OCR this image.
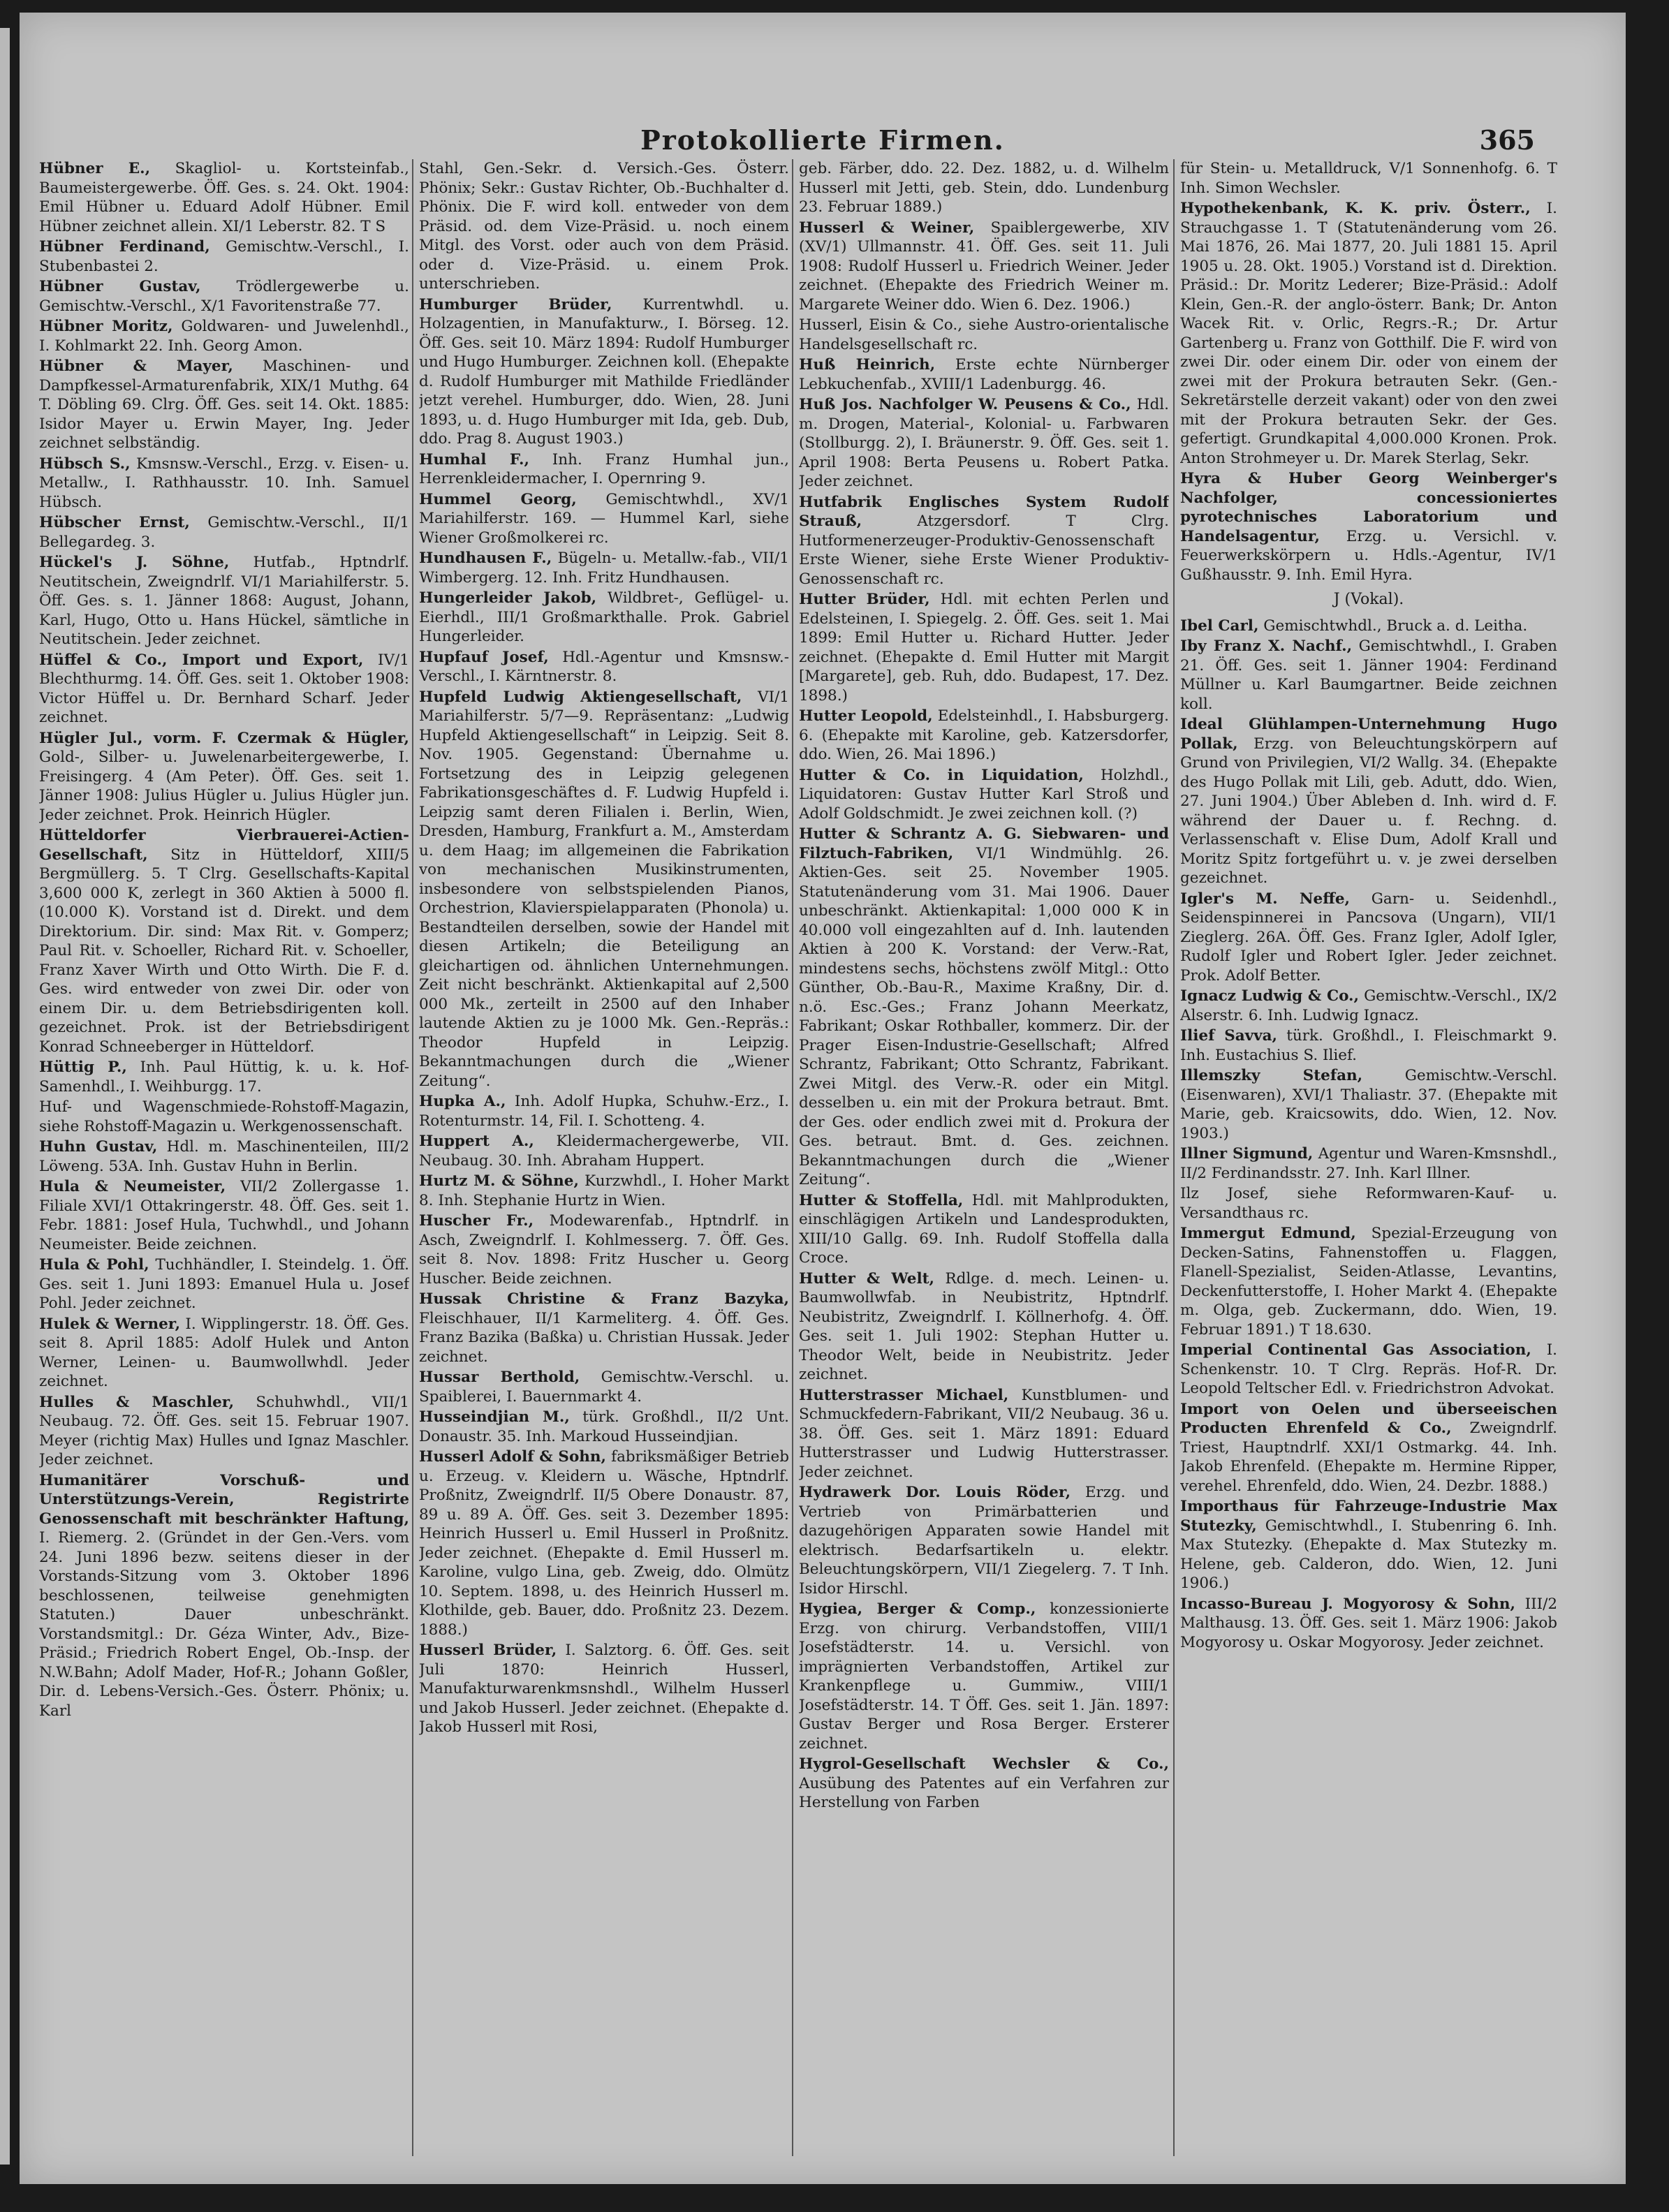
Protokollierte Firmen.	365
Hübner E., Skagliol- u. Kortsteinfab., Baumeistergewerbe. Öff. Ges. s. 24. Okt. 1904: Emil Hübner u. Eduard Adolf Hübner. Emil Hübner zeichnet allein. XI/1 Leberstr. 82. T S
Hübner Ferdinand, Gemischtw.-Verschl., I. Stubenbastei 2.
Hübner Gustav, Trödlergewerbe u. Gemischtw.-Verschl., X/1 Favoritenstraße 77.
Hübner Moritz, Goldwaren- und Juwelenhdl., I. Kohlmarkt 22. Inh. Georg Amon.
Hübner & Mayer, Maschinen- und Dampfkessel-Armaturenfabrik, XIX/1 Muthg. 64 T. Döbling 69. Clrg. Öff. Ges. seit 14. Okt. 1885: Isidor Mayer u. Erwin Mayer, Ing. Jeder zeichnet selbständig.
Hübsch S., Kmsnsw.-Verschl., Erzg. v. Eisen- u. Metallw., I. Rathhausstr. 10. Inh. Samuel Hübsch.
Hübscher Ernst, Gemischtw.-Verschl., II/1 Bellegardeg. 3.
Hückel's J. Söhne, Hutfab., Hptndrlf. Neutitschein, Zweigndrlf. VI/1 Mariahilferstr. 5. Öff. Ges. s. 1. Jänner 1868: August, Johann, Karl, Hugo, Otto u. Hans Hückel, sämtliche in Neutitschein. Jeder zeichnet.
Hüffel & Co., Import und Export, IV/1 Blechthurmg. 14. Öff. Ges. seit 1. Oktober 1908: Victor Hüffel u. Dr. Bernhard Scharf. Jeder zeichnet.
Hügler Jul., vorm. F. Czermak & Hügler, Gold-, Silber- u. Juwelenarbeitergewerbe, I. Freisingerg. 4 (Am Peter). Öff. Ges. seit 1. Jänner 1908: Julius Hügler u. Julius Hügler jun. Jeder zeichnet. Prok. Heinrich Hügler.
Hütteldorfer Vierbrauerei-Actien-Gesellschaft, Sitz in Hütteldorf, XIII/5 Bergmüllerg. 5. T Clrg. Gesellschafts-Kapital 3,600 000 K, zerlegt in 360 Aktien à 5000 fl. (10.000 K). Vorstand ist d. Direkt. und dem Direktorium. Dir. sind: Max Rit. v. Gomperz; Paul Rit. v. Schoeller, Richard Rit. v. Schoeller, Franz Xaver Wirth und Otto Wirth. Die F. d. Ges. wird entweder von zwei Dir. oder von einem Dir. u. dem Betriebsdirigenten koll. gezeichnet. Prok. ist der Betriebsdirigent Konrad Schneeberger in Hütteldorf.
Hüttig P., Inh. Paul Hüttig, k. u. k. Hof-Samenhdl., I. Weihburgg. 17.
Huf- und Wagenschmiede-Rohstoff-Magazin, siehe Rohstoff-Magazin u. Werkgenossenschaft.
Huhn Gustav, Hdl. m. Maschinenteilen, III/2 Löweng. 53A. Inh. Gustav Huhn in Berlin.
Hula & Neumeister, VII/2 Zollergasse 1. Filiale XVI/1 Ottakringerstr. 48. Öff. Ges. seit 1. Febr. 1881: Josef Hula, Tuchwhdl., und Johann Neumeister. Beide zeichnen.
Hula & Pohl, Tuchhändler, I. Steindelg. 1. Öff. Ges. seit 1. Juni 1893: Emanuel Hula u. Josef Pohl. Jeder zeichnet.
Hulek & Werner, I. Wipplingerstr. 18. Öff. Ges. seit 8. April 1885: Adolf Hulek und Anton Werner, Leinen- u. Baumwollwhdl. Jeder zeichnet.
Hulles & Maschler, Schuhwhdl., VII/1 Neubaug. 72. Öff. Ges. seit 15. Februar 1907. Meyer (richtig Max) Hulles und Ignaz Maschler. Jeder zeichnet.
Humanitärer Vorschuß- und Unterstützungs-Verein, Registrirte Genossenschaft mit beschränkter Haftung, I. Riemerg. 2. (Gründet in der Gen.-Vers. vom 24. Juni 1896 bezw. seitens dieser in der Vorstands-Sitzung vom 3. Oktober 1896 beschlossenen, teilweise genehmigten Statuten.) Dauer unbeschränkt. Vorstandsmitgl.: Dr. Géza Winter, Adv., Bize-Präsid.; Friedrich Robert Engel, Ob.-Insp. der N.W.Bahn; Adolf Mader, Hof-R.; Johann Goßler, Dir. d. Lebens-Versich.-Ges. Österr. Phönix; u. Karl
Stahl, Gen.-Sekr. d. Versich.-Ges. Österr. Phönix; Sekr.: Gustav Richter, Ob.-Buchhalter d. Phönix. Die F. wird koll. entweder von dem Präsid. od. dem Vize-Präsid. u. noch einem Mitgl. des Vorst. oder auch von dem Präsid. oder d. Vize-Präsid. u. einem Prok. unterschrieben.
Humburger Brüder, Kurrentwhdl. u. Holzagentien, in Manufakturw., I. Börseg. 12. Öff. Ges. seit 10. März 1894: Rudolf Humburger und Hugo Humburger. Zeichnen koll. (Ehepakte d. Rudolf Humburger mit Mathilde Friedländer jetzt verehel. Humburger, ddo. Wien, 28. Juni 1893, u. d. Hugo Humburger mit Ida, geb. Dub, ddo. Prag 8. August 1903.)
Humhal F., Inh. Franz Humhal jun., Herrenkleidermacher, I. Opernring 9.
Hummel Georg, Gemischtwhdl., XV/1 Mariahilferstr. 169. — Hummel Karl, siehe Wiener Großmolkerei rc.
Hundhausen F., Bügeln- u. Metallw.-fab., VII/1 Wimbergerg. 12. Inh. Fritz Hundhausen.
Hungerleider Jakob, Wildbret-, Geflügel- u. Eierhdl., III/1 Großmarkthalle. Prok. Gabriel Hungerleider.
Hupfauf Josef, Hdl.-Agentur und Kmsnsw.-Verschl., I. Kärntnerstr. 8.
Hupfeld Ludwig Aktiengesellschaft, VI/1 Mariahilferstr. 5/7—9. Repräsentanz: „Ludwig Hupfeld Aktiengesellschaft“ in Leipzig. Seit 8. Nov. 1905. Gegenstand: Übernahme u. Fortsetzung des in Leipzig gelegenen Fabrikationsgeschäftes d. F. Ludwig Hupfeld i. Leipzig samt deren Filialen i. Berlin, Wien, Dresden, Hamburg, Frankfurt a. M., Amsterdam u. dem Haag; im allgemeinen die Fabrikation von mechanischen Musikinstrumenten, insbesondere von selbstspielenden Pianos, Orchestrion, Klavierspielapparaten (Phonola) u. Bestandteilen derselben, sowie der Handel mit diesen Artikeln; die Beteiligung an gleichartigen od. ähnlichen Unternehmungen. Zeit nicht beschränkt. Aktienkapital auf 2,500 000 Mk., zerteilt in 2500 auf den Inhaber lautende Aktien zu je 1000 Mk. Gen.-Repräs.: Theodor Hupfeld in Leipzig. Bekanntmachungen durch die „Wiener Zeitung“.
Hupka A., Inh. Adolf Hupka, Schuhw.-Erz., I. Rotenturmstr. 14, Fil. I. Schotteng. 4.
Huppert A., Kleidermachergewerbe, VII. Neubaug. 30. Inh. Abraham Huppert.
Hurtz M. & Söhne, Kurzwhdl., I. Hoher Markt 8. Inh. Stephanie Hurtz in Wien.
Huscher Fr., Modewarenfab., Hptndrlf. in Asch, Zweigndrlf. I. Kohlmesserg. 7. Öff. Ges. seit 8. Nov. 1898: Fritz Huscher u. Georg Huscher. Beide zeichnen.
Hussak Christine & Franz Bazyka, Fleischhauer, II/1 Karmeliterg. 4. Öff. Ges. Franz Bazika (Baßka) u. Christian Hussak. Jeder zeichnet.
Hussar Berthold, Gemischtw.-Verschl. u. Spaiblerei, I. Bauernmarkt 4.
Husseindjian M., türk. Großhdl., II/2 Unt. Donaustr. 35. Inh. Markoud Husseindjian.
Husserl Adolf & Sohn, fabriksmäßiger Betrieb u. Erzeug. v. Kleidern u. Wäsche, Hptndrlf. Proßnitz, Zweigndrlf. II/5 Obere Donaustr. 87, 89 u. 89 A. Öff. Ges. seit 3. Dezember 1895: Heinrich Husserl u. Emil Husserl in Proßnitz. Jeder zeichnet. (Ehepakte d. Emil Husserl m. Karoline, vulgo Lina, geb. Zweig, ddo. Olmütz 10. Septem. 1898, u. des Heinrich Husserl m. Klothilde, geb. Bauer, ddo. Proßnitz 23. Dezem. 1888.)
Husserl Brüder, I. Salztorg. 6. Öff. Ges. seit Juli 1870: Heinrich Husserl, Manufakturwarenkmsnshdl., Wilhelm Husserl und Jakob Husserl. Jeder zeichnet. (Ehepakte d. Jakob Husserl mit Rosi,
geb. Färber, ddo. 22. Dez. 1882, u. d. Wilhelm Husserl mit Jetti, geb. Stein, ddo. Lundenburg 23. Februar 1889.)
Husserl & Weiner, Spaiblergewerbe, XIV (XV/1) Ullmannstr. 41. Öff. Ges. seit 11. Juli 1908: Rudolf Husserl u. Friedrich Weiner. Jeder zeichnet. (Ehepakte des Friedrich Weiner m. Margarete Weiner ddo. Wien 6. Dez. 1906.)
Husserl, Eisin & Co., siehe Austro-orientalische Handelsgesellschaft rc.
Huß Heinrich, Erste echte Nürnberger Lebkuchenfab., XVIII/1 Ladenburgg. 46.
Huß Jos. Nachfolger W. Peusens & Co., Hdl. m. Drogen, Material-, Kolonial- u. Farbwaren (Stollburgg. 2), I. Bräunerstr. 9. Öff. Ges. seit 1. April 1908: Berta Peusens u. Robert Patka. Jeder zeichnet.
Hutfabrik Englisches System Rudolf Strauß,	Atzgersdorf. T Clrg. Hutformenerzeuger-Produktiv-Genossenschaft Erste Wiener, siehe Erste Wiener Produktiv-Genossenschaft rc.
Hutter Brüder, Hdl. mit echten Perlen und Edelsteinen, I. Spiegelg. 2. Öff. Ges. seit 1. Mai 1899: Emil Hutter u. Richard Hutter. Jeder zeichnet. (Ehepakte d. Emil Hutter mit Margit [Margarete], geb. Ruh, ddo. Budapest, 17. Dez. 1898.)
Hutter Leopold, Edelsteinhdl., I. Habsburgerg. 6. (Ehepakte mit Karoline, geb. Katzersdorfer, ddo. Wien, 26. Mai 1896.)
Hutter & Co. in Liquidation, Holzhdl., Liquidatoren: Gustav Hutter Karl Stroß und Adolf Goldschmidt. Je zwei zeichnen koll. (?)
Hutter & Schrantz A. G. Siebwaren- und Filztuch-Fabriken, VI/1 Windmühlg. 26. Aktien-Ges. seit 25. November 1905. Statutenänderung vom 31. Mai 1906. Dauer unbeschränkt. Aktienkapital: 1,000 000 K in 40.000 voll eingezahlten auf d. Inh. lautenden Aktien à 200 K. Vorstand: der Verw.-Rat, mindestens sechs, höchstens zwölf Mitgl.: Otto Günther, Ob.-Bau-R., Maxime Kraßny, Dir. d. n.ö. Esc.-Ges.; Franz Johann Meerkatz, Fabrikant; Oskar Rothballer, kommerz. Dir. der Prager Eisen-Industrie-Gesellschaft; Alfred Schrantz, Fabrikant; Otto Schrantz, Fabrikant. Zwei Mitgl. des Verw.-R. oder ein Mitgl. desselben u. ein mit der Prokura betraut. Bmt. der Ges. oder endlich zwei mit d. Prokura der Ges. betraut. Bmt. d. Ges. zeichnen. Bekanntmachungen durch die „Wiener Zeitung“.
Hutter & Stoffella, Hdl. mit Mahlprodukten, einschlägigen Artikeln und Landesprodukten, XIII/10 Gallg. 69. Inh. Rudolf Stoffella dalla Croce.
Hutter & Welt, Rdlge. d. mech. Leinen- u. Baumwollwfab. in Neubistritz, Hptndrlf. Neubistritz, Zweigndrlf. I. Köllnerhofg. 4. Öff. Ges. seit 1. Juli 1902: Stephan Hutter u. Theodor Welt, beide in Neubistritz. Jeder zeichnet.
Hutterstrasser Michael, Kunstblumen- und Schmuckfedern-Fabrikant, VII/2 Neubaug. 36 u. 38. Öff. Ges. seit 1. März 1891: Eduard Hutterstrasser und Ludwig Hutterstrasser. Jeder zeichnet.
Hydrawerk Dor. Louis Röder, Erzg. und Vertrieb von Primärbatterien und dazugehörigen Apparaten sowie Handel mit elektrisch. Bedarfsartikeln u. elektr. Beleuchtungskörpern, VII/1 Ziegelerg. 7. T Inh. Isidor Hirschl.
Hygiea, Berger & Comp., konzessionierte Erzg. von chirurg. Verbandstoffen, VIII/1 Josefstädterstr. 14. u. Versichl. von imprägnierten Verbandstoffen, Artikel zur Krankenpflege u. Gummiw., VIII/1 Josefstädterstr. 14. T Öff. Ges. seit 1. Jän. 1897: Gustav Berger und Rosa Berger. Ersterer zeichnet.
Hygrol-Gesellschaft Wechsler & Co., Ausübung des Patentes auf ein Verfahren zur Herstellung von Farben
für Stein- u. Metalldruck, V/1 Sonnenhofg. 6. T Inh. Simon Wechsler.
Hypothekenbank, K. K. priv. Österr., I. Strauchgasse 1. T (Statutenänderung vom 26. Mai 1876, 26. Mai 1877, 20. Juli 1881 15. April 1905 u. 28. Okt. 1905.) Vorstand ist d. Direktion. Präsid.: Dr. Moritz Lederer; Bize-Präsid.: Adolf Klein, Gen.-R. der anglo-österr. Bank; Dr. Anton Wacek Rit. v. Orlic, Regrs.-R.; Dr. Artur Gartenberg u. Franz von Gotthilf. Die F. wird von zwei Dir. oder einem Dir. oder von einem der zwei mit der Prokura betrauten Sekr. (Gen.-Sekretärstelle derzeit vakant) oder von den zwei mit der Prokura betrauten Sekr. der Ges. gefertigt. Grundkapital 4,000.000 Kronen. Prok. Anton Strohmeyer u. Dr. Marek Sterlag, Sekr.
Hyra & Huber Georg Weinberger's Nachfolger, concessioniertes pyrotechnisches Laboratorium und Handelsagentur, Erzg. u. Versichl. v. Feuerwerkskörpern u. Hdls.-Agentur, IV/1 Gußhausstr. 9. Inh. Emil Hyra.
J (Vokal).
Ibel Carl, Gemischtwhdl., Bruck a. d. Leitha.
Iby Franz X. Nachf., Gemischtwhdl., I. Graben 21. Öff. Ges. seit 1. Jänner 1904: Ferdinand Müllner u. Karl Baumgartner. Beide zeichnen koll.
Ideal Glühlampen-Unternehmung Hugo Pollak, Erzg. von Beleuchtungskörpern auf Grund von Privilegien, VI/2 Wallg. 34. (Ehepakte des Hugo Pollak mit Lili, geb. Adutt, ddo. Wien, 27. Juni 1904.) Über Ableben d. Inh. wird d. F. während der Dauer u. f. Rechng. d. Verlassenschaft v. Elise Dum, Adolf Krall und Moritz Spitz fortgeführt u. v. je zwei derselben gezeichnet.
Igler's M. Neffe, Garn- u. Seidenhdl., Seidenspinnerei in Pancsova (Ungarn), VII/1 Zieglerg. 26A. Öff. Ges. Franz Igler, Adolf Igler, Rudolf Igler und Robert Igler. Jeder zeichnet. Prok. Adolf Better.
Ignacz Ludwig & Co., Gemischtw.-Verschl., IX/2 Alserstr. 6. Inh. Ludwig Ignacz.
Ilief Savva, türk. Großhdl., I. Fleischmarkt 9. Inh. Eustachius S. Ilief.
Illemszky Stefan,	Gemischtw.-Verschl. (Eisenwaren), XVI/1 Thaliastr. 37. (Ehepakte mit Marie, geb. Kraicsowits, ddo. Wien, 12. Nov. 1903.)
Illner Sigmund, Agentur und Waren-Kmsnshdl., II/2 Ferdinandsstr. 27. Inh. Karl Illner.
Ilz Josef, siehe Reformwaren-Kauf- u. Versandthaus rc.
Immergut Edmund, Spezial-Erzeugung von Decken-Satins, Fahnenstoffen u. Flaggen, Flanell-Spezialist, Seiden-Atlasse, Levantins, Deckenfutterstoffe, I. Hoher Markt 4. (Ehepakte m. Olga, geb. Zuckermann, ddo. Wien, 19. Februar 1891.) T 18.630.
Imperial Continental Gas Association, I. Schenkenstr. 10. T Clrg. Repräs. Hof-R. Dr. Leopold Teltscher Edl. v. Friedrichstron Advokat.
Import von Oelen und überseeischen Producten Ehrenfeld & Co., Zweigndrlf. Triest, Hauptndrlf. XXI/1 Ostmarkg. 44. Inh. Jakob Ehrenfeld. (Ehepakte m. Hermine Ripper, verehel. Ehrenfeld, ddo. Wien, 24. Dezbr. 1888.)
Importhaus für Fahrzeuge-Industrie Max Stutezky, Gemischtwhdl., I. Stubenring 6. Inh. Max Stutezky. (Ehepakte d. Max Stutezky m. Helene, geb. Calderon, ddo. Wien, 12. Juni 1906.)
Incasso-Bureau J. Mogyorosy & Sohn, III/2 Malthausg. 13. Öff. Ges. seit 1. März 1906: Jakob Mogyorosy u. Oskar Mogyorosy. Jeder zeichnet.
